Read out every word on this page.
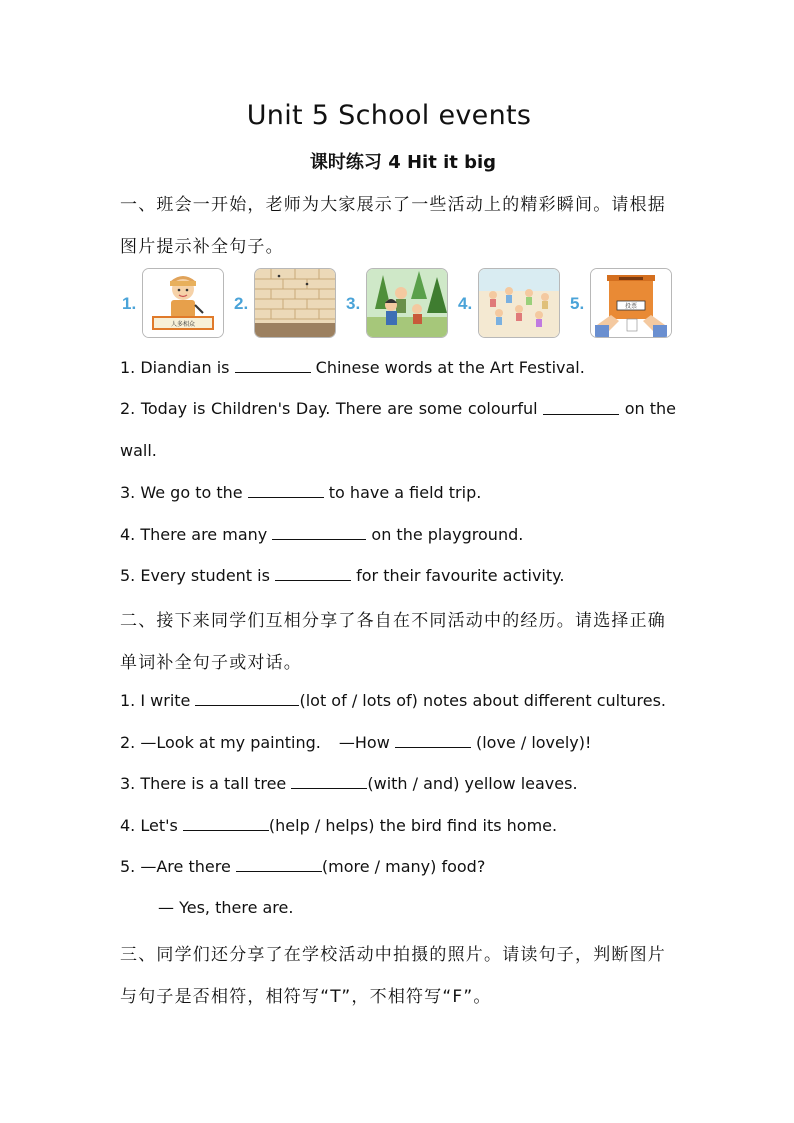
Unit 5 School events
课时练习 4 Hit it big
一、班会一开始，老师为大家展示了一些活动上的精彩瞬间。请根据
图片提示补全句子。
1.
人多相众
2.	3.	4.	5.	投票
1. Diandian is	Chinese words at the Art Festival.
2. Today is Children's Day. There are some colourful	on the
wall.
3. We go to the	to have a field trip.
4. There are many	on the playground.
5. Every student is	for their favourite activity.
二、接下来同学们互相分享了各自在不同活动中的经历。请选择正确
单词补全句子或对话。
1. I write	(lot of / lots of) notes about different cultures.
2. —Look at my painting. —How	(love / lovely)!
3. There is a tall tree	(with / and) yellow leaves.
4. Let's	(help / helps) the bird find its home.
5. —Are there	(more / many) food?
— Yes, there are.
三、同学们还分享了在学校活动中拍摄的照片。请读句子，判断图片
与句子是否相符，相符写“T”，不相符写“F”。
